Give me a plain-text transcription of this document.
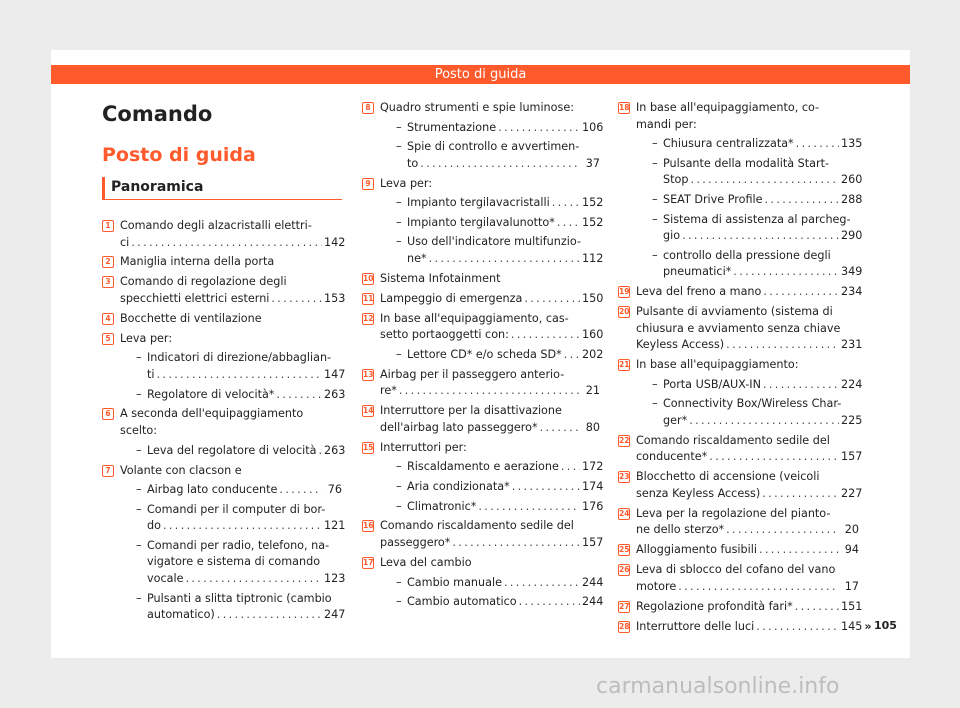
Posto di guida
Comando
Posto di guida
Panoramica
1 Comando degli alzacristalli elettri-
ci . . .	142
2 Maniglia interna della porta
3 Comando di regolazione degli
specchietti elettrici esterni . . .	153
4 Bocchette di ventilazione
5 Leva per:
– Indicatori di direzione/abbaglian-
ti . . .	147
– Regolatore di velocità* . . .	263
6 A seconda dell'equipaggiamento
scelto:
– Leva del regolatore di velocità . . . 263
7 Volante con clacson e
– Airbag lato conducente . . .	76
– Comandi per il computer di bor-
do . . .	121
– Comandi per radio, telefono, na-
vigatore e sistema di comando
vocale . . .	123
– Pulsanti a slitta tiptronic (cambio
automatico) . . .	247
8 Quadro strumenti e spie luminose:
– Strumentazione . . .	106
– Spie di controllo e avvertimen-
to . . .	37
9 Leva per:
– Impianto tergilavacristalli . . .	152
– Impianto tergilavalunotto* . . . 152
– Uso dell'indicatore multifunzio-
ne* . . .	112
10 Sistema Infotainment
11 Lampeggio di emergenza . . .	150
12 In base all'equipaggiamento, cas-
setto portaoggetti con: . . .	160
– Lettore CD* e/o scheda SD* . . . 202
13 Airbag per il passeggero anterio-
re* . . .	21
14 Interruttore per la disattivazione
dell'airbag lato passeggero* . . .	80
15 Interruttori per:
– Riscaldamento e aerazione . . . 172
– Aria condizionata* . . .	174
– Climatronic* . . .	176
16 Comando riscaldamento sedile del
passeggero* . . .	157
17 Leva del cambio
– Cambio manuale . . .	244
– Cambio automatico . . .	244
18 In base all'equipaggiamento, co-
mandi per:
– Chiusura centralizzata* . . .	135
– Pulsante della modalità Start-
Stop . . .	260
– SEAT Drive Profile . . .	288
– Sistema di assistenza al parcheg-
gio . . .	290
– controllo della pressione degli
pneumatici* . . .	349
19 Leva del freno a mano . . .	234
20 Pulsante di avviamento (sistema di
chiusura e avviamento senza chiave
Keyless Access) . . .	231
21 In base all'equipaggiamento:
– Porta USB/AUX-IN . . .	224
– Connectivity Box/Wireless Char-
ger* . . .	225
22 Comando riscaldamento sedile del
conducente* . . .	157
23 Blocchetto di accensione (veicoli
senza Keyless Access) . . .	227
24 Leva per la regolazione del pianto-
ne dello sterzo* . . .	20
25 Alloggiamento fusibili . . .	94
26 Leva di sblocco del cofano del vano
motore . . .	17
27 Regolazione profondità fari* . . .	151
28 Interruttore delle luci . . .	145 » 105
carmanualsonline.info
